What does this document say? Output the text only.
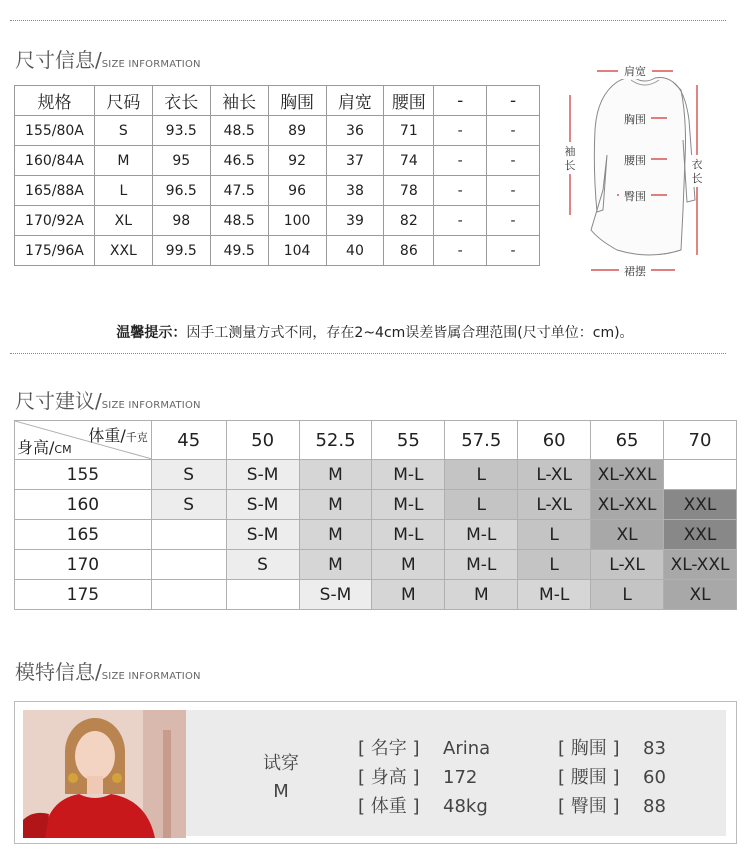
尺寸信息/SIZE INFORMATION
规格	尺码	衣长	袖长	胸围	肩宽	腰围	-	-
155/80A	S	93.5	48.5	89	36	71	-	-
160/84A	M	95	46.5	92	37	74	-	-
165/88A	L	96.5	47.5	96	38	78	-	-
170/92A	XL	98	48.5	100	39	82	-	-
175/96A	XXL	99.5	49.5	104	40	86	-	-
肩宽
胸围
腰围
臀围
裙摆
袖
长	衣
长
温馨提示：因手工测量方式不同，存在2~4cm误差皆属合理范围(尺寸单位：cm)。
尺寸建议/SIZE INFORMATION
体重/千克
身高/CM	45	50	52.5	55	57.5	60	65	70
155	S	S-M	M	M-L	L	L-XL	XL-XXL	
160	S	S-M	M	M-L	L	L-XL	XL-XXL	XXL
165		S-M	M	M-L	M-L	L	XL	XXL
170		S	M	M	M-L	L	L-XL	XL-XXL
175			S-M	M	M	M-L	L	XL
模特信息/SIZE INFORMATION
试穿
M
[ 名字 ] Arina
[ 身高 ] 172
[ 体重 ] 48kg
[ 胸围 ] 83
[ 腰围 ] 60
[ 臀围 ] 88
